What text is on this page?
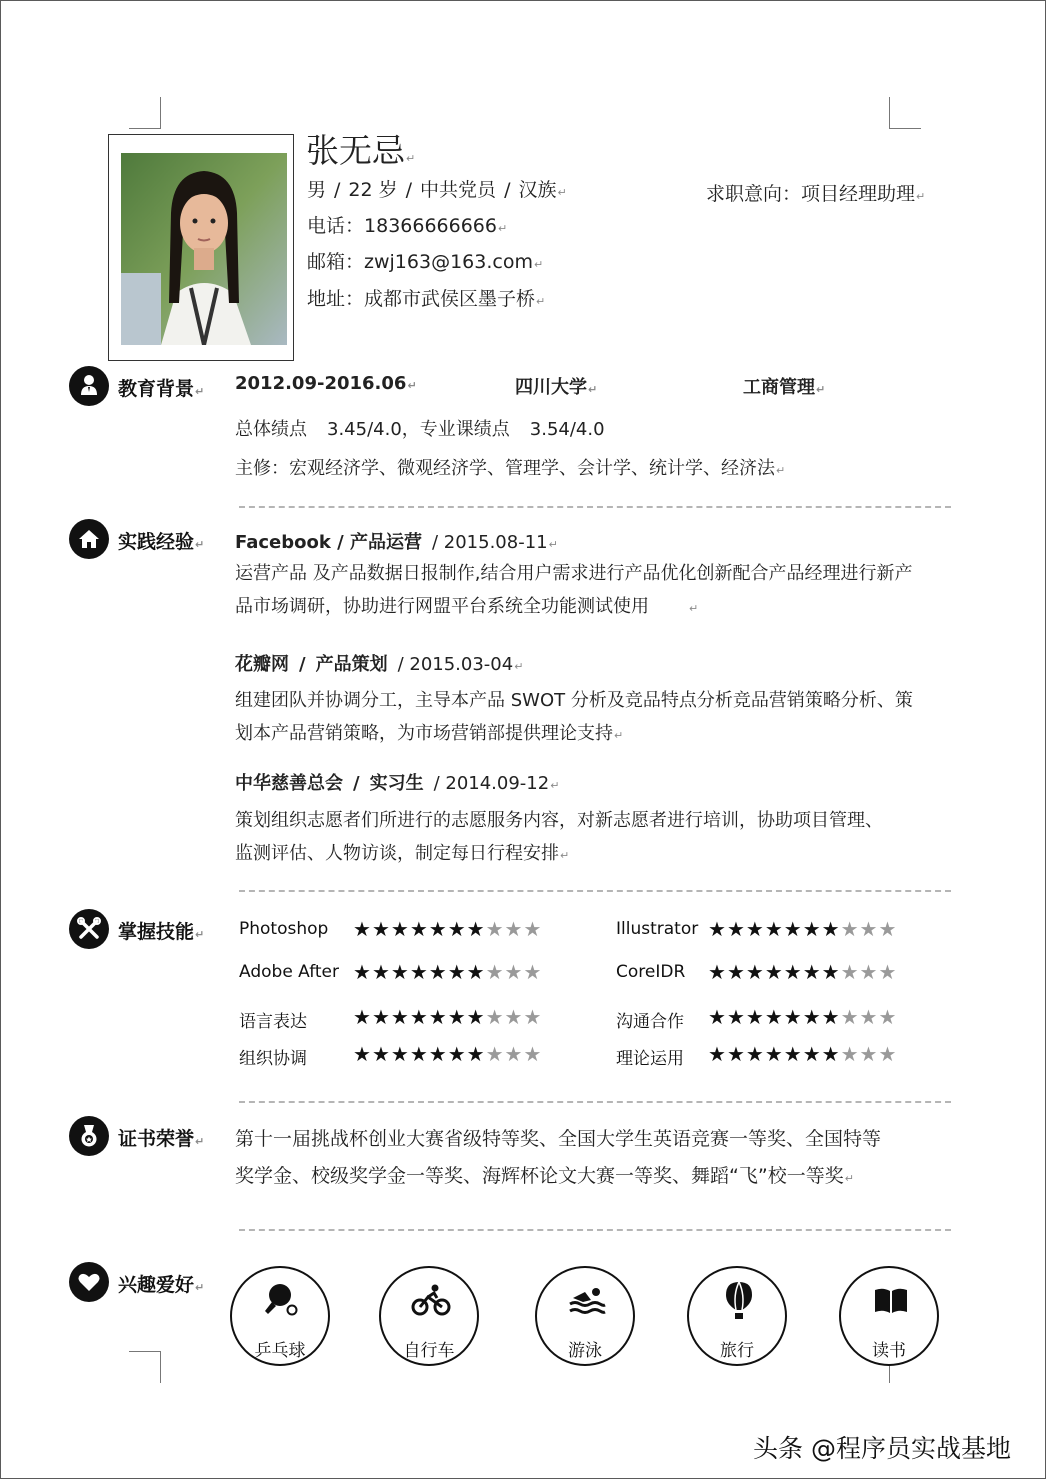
张无忌↵
男 / 22 岁 / 中共党员 / 汉族↵
电话：18366666666↵
邮箱：zwj163@163.com↵
地址：成都市武侯区墨子桥↵
求职意向：项目经理助理↵
教育背景↵ 2012.09-2016.06↵	四川大学↵	工商管理↵
总体绩点 3.45/4.0，专业课绩点 3.54/4.0
主修：宏观经济学、微观经济学、管理学、会计学、统计学、经济法↵
实践经验↵ Facebook / 产品运营 / 2015.08-11↵
运营产品 及产品数据日报制作,结合用户需求进行产品优化创新配合产品经理进行新产
品市场调研，协助进行网盟平台系统全功能测试使用	↵
花瓣网 / 产品策划 / 2015.03-04↵
组建团队并协调分工，主导本产品 SWOT 分析及竞品特点分析竞品营销策略分析、策
划本产品营销策略，为市场营销部提供理论支持↵
中华慈善总会 / 实习生 / 2014.09-12↵
策划组织志愿者们所进行的志愿服务内容，对新志愿者进行培训，协助项目管理、
监测评估、人物访谈，制定每日行程安排↵
掌握技能↵ Photoshop ★★★★★★★★★★	Illustrator ★★★★★★★★★★
Adobe After ★★★★★★★★★★	CoreIDR ★★★★★★★★★★
语言表达 ★★★★★★★★★★	沟通合作 ★★★★★★★★★★
组织协调 ★★★★★★★★★★	理论运用 ★★★★★★★★★★
证书荣誉↵ 第十一届挑战杯创业大赛省级特等奖、全国大学生英语竞赛一等奖、全国特等
奖学金、校级奖学金一等奖、海辉杯论文大赛一等奖、舞蹈“飞”校一等奖↵
兴趣爱好↵
乒乓球	自行车	游泳	旅行	读书
头条 @程序员实战基地
